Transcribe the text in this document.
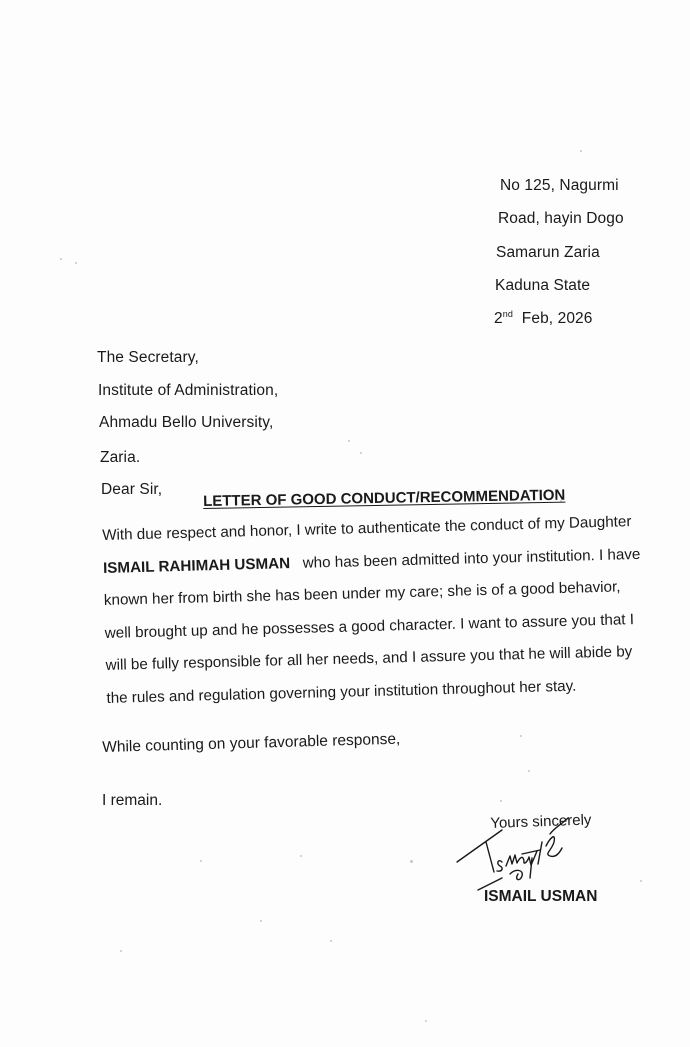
No 125, Nagurmi
Road, hayin Dogo
Samarun Zaria
Kaduna State
2nd Feb, 2026
The Secretary,
Institute of Administration,
Ahmadu Bello University,
Zaria.
Dear Sir,	LETTER OF GOOD CONDUCT/RECOMMENDATION
With due respect and honor, I write to authenticate the conduct of my Daughter
ISMAIL RAHIMAH USMAN who has been admitted into your institution. I have
known her from birth she has been under my care; she is of a good behavior,
well brought up and he possesses a good character. I want to assure you that I
will be fully responsible for all her needs, and I assure you that he will abide by
the rules and regulation governing your institution throughout her stay.
While counting on your favorable response,
I remain.
Yours sincerely
ISMAIL USMAN
